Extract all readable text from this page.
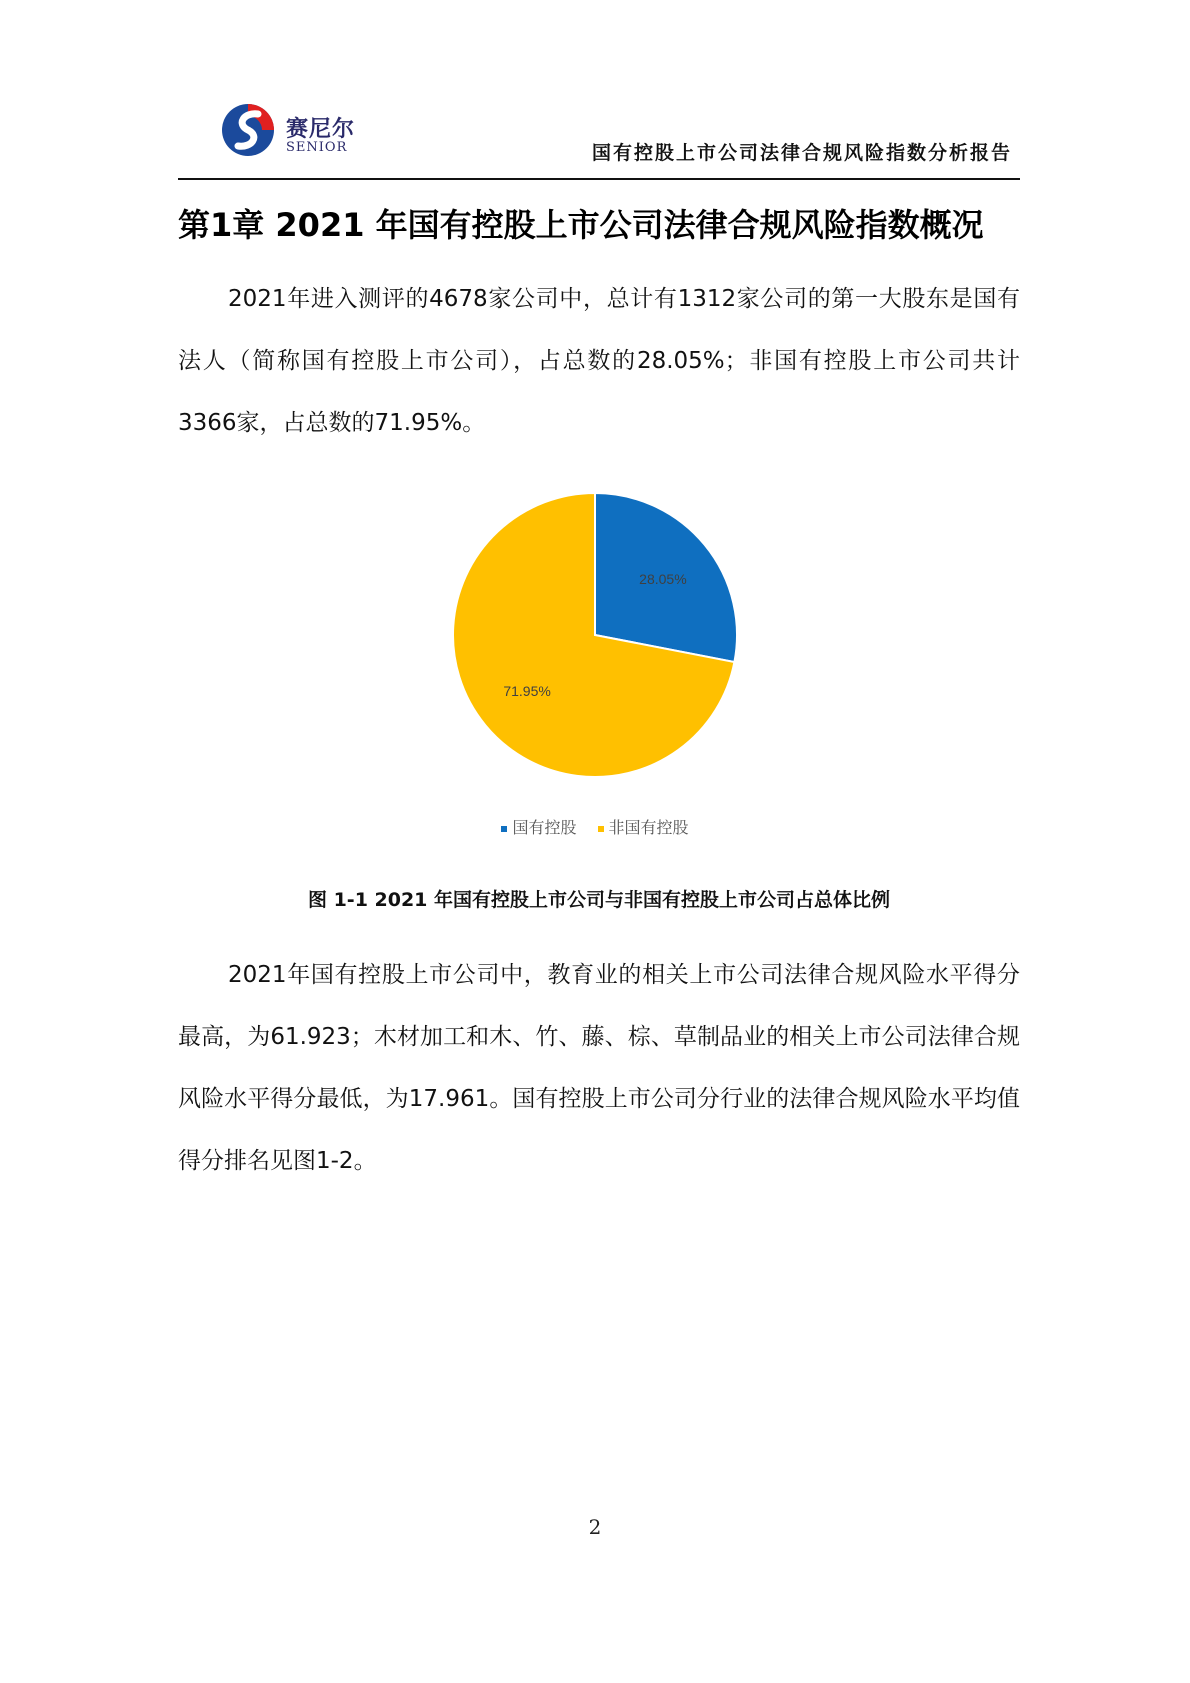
赛尼尔
SENIOR	国有控股上市公司法律合规风险指数分析报告
第1章 2021 年国有控股上市公司法律合规风险指数概况

2021年进入测评的4678家公司中，总计有1312家公司的第一大股东是国有法人（简称国有控股上市公司），占总数的28.05%；非国有控股上市公司共计3366家，占总数的71.95%。

28.05%
71.95%
国有控股 非国有控股
图 1-1 2021 年国有控股上市公司与非国有控股上市公司占总体比例

2021年国有控股上市公司中，教育业的相关上市公司法律合规风险水平得分最高，为61.923；木材加工和木、竹、藤、棕、草制品业的相关上市公司法律合规风险水平得分最低，为17.961。国有控股上市公司分行业的法律合规风险水平均值得分排名见图1-2。

2
